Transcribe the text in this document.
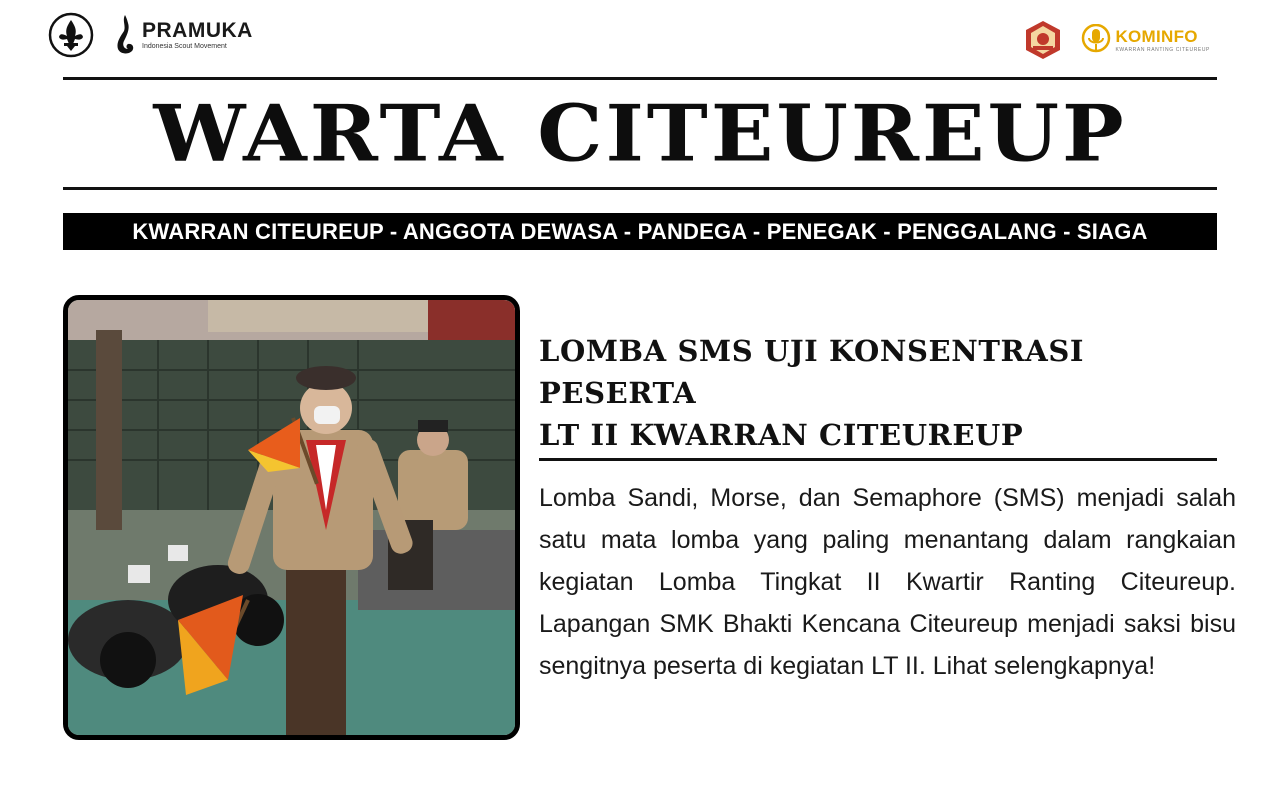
PRAMUKA
Indonesia Scout Movement
KOMINFO
KWARRAN RANTING CITEUREUP
WARTA CITEUREUP
KWARRAN CITEUREUP - ANGGOTA DEWASA - PANDEGA - PENEGAK - PENGGALANG - SIAGA
LOMBA SMS UJI KONSENTRASI PESERTA
LT II KWARRAN CITEUREUP
Lomba Sandi, Morse, dan Semaphore (SMS) menjadi salah satu mata lomba yang paling menantang dalam rangkaian kegiatan Lomba Tingkat II Kwartir Ranting Citeureup. Lapangan SMK Bhakti Kencana Citeureup menjadi saksi bisu sengitnya peserta di kegiatan LT II. Lihat selengkapnya!
